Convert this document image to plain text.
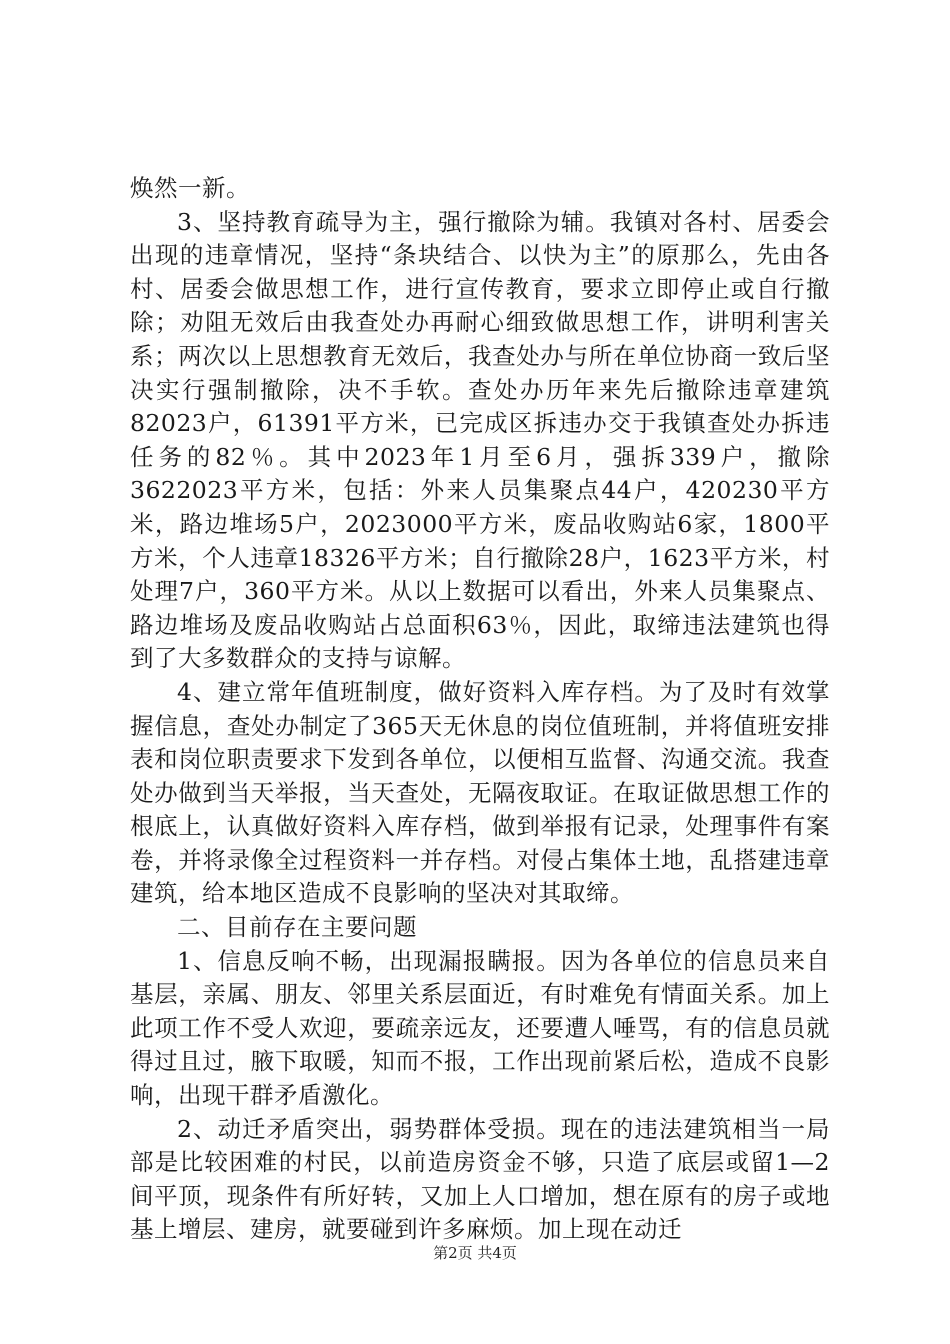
焕然一新。

3、坚持教育疏导为主，强行撤除为辅。我镇对各村、居委会出现的违章情况，坚持“条块结合、以快为主”的原那么，先由各村、居委会做思想工作，进行宣传教育，要求立即停止或自行撤除；劝阻无效后由我查处办再耐心细致做思想工作，讲明利害关系；两次以上思想教育无效后，我查处办与所在单位协商一致后坚决实行强制撤除，决不手软。查处办历年来先后撤除违章建筑82023户，61391平方米，已完成区拆违办交于我镇查处办拆违任务的82％。其中2023年1月至6月，强拆339户，撤除3622023平方米，包括：外来人员集聚点44户，420230平方米，路边堆场5户，2023000平方米，废品收购站6家，1800平方米，个人违章18326平方米；自行撤除28户，1623平方米，村处理7户，360平方米。从以上数据可以看出，外来人员集聚点、路边堆场及废品收购站占总面积63％，因此，取缔违法建筑也得到了大多数群众的支持与谅解。

4、建立常年值班制度，做好资料入库存档。为了及时有效掌握信息，查处办制定了365天无休息的岗位值班制，并将值班安排表和岗位职责要求下发到各单位，以便相互监督、沟通交流。我查处办做到当天举报，当天查处，无隔夜取证。在取证做思想工作的根底上，认真做好资料入库存档，做到举报有记录，处理事件有案卷，并将录像全过程资料一并存档。对侵占集体土地，乱搭建违章建筑，给本地区造成不良影响的坚决对其取缔。

二、目前存在主要问题

1、信息反响不畅，出现漏报瞒报。因为各单位的信息员来自基层，亲属、朋友、邻里关系层面近，有时难免有情面关系。加上此项工作不受人欢迎，要疏亲远友，还要遭人唾骂，有的信息员就得过且过，腋下取暖，知而不报，工作出现前紧后松，造成不良影响，出现干群矛盾激化。

2、动迁矛盾突出，弱势群体受损。现在的违法建筑相当一局部是比较困难的村民，以前造房资金不够，只造了底层或留1—2间平顶，现条件有所好转，又加上人口增加，想在原有的房子或地基上增层、建房，就要碰到许多麻烦。加上现在动迁

第2页 共4页
